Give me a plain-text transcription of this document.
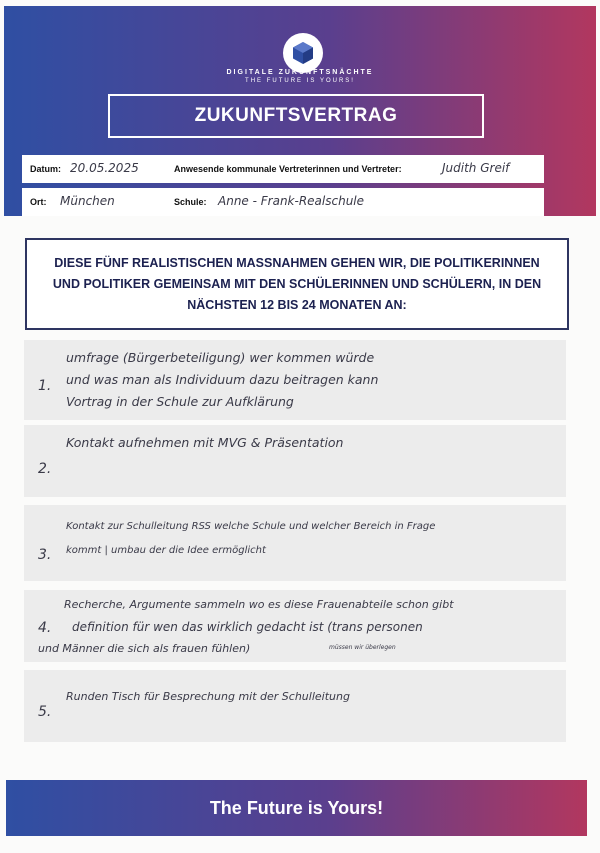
DIGITALE ZUKUNFTSNÄCHTE
THE FUTURE IS YOURS!
ZUKUNFTSVERTRAG
Datum: 20.05.2025	Anwesende kommunale Vertreterinnen und Vertreter:	Judith Greif
Ort: München	Schule: Anne - Frank-Realschule
DIESE FÜNF REALISTISCHEN MASSNAHMEN GEHEN WIR, DIE POLITIKERINNEN UND POLITIKER GEMEINSAM MIT DEN SCHÜLERINNEN UND SCHÜLERN, IN DEN NÄCHSTEN 12 BIS 24 MONATEN AN:
1.
umfrage (Bürgerbeteiligung) wer kommen würde
und was man als Individuum dazu beitragen kann
Vortrag in der Schule zur Aufklärung
2.
Kontakt aufnehmen mit MVG & Präsentation
3.
Kontakt zur Schulleitung RSS welche Schule und welcher Bereich in Frage
kommt | umbau der die Idee ermöglicht
4.
Recherche, Argumente sammeln wo es diese Frauenabteile schon gibt
definition für wen das wirklich gedacht ist (trans personen
und Männer die sich als frauen fühlen)	müssen wir überlegen
5.
Runden Tisch für Besprechung mit der Schulleitung
The Future is Yours!
